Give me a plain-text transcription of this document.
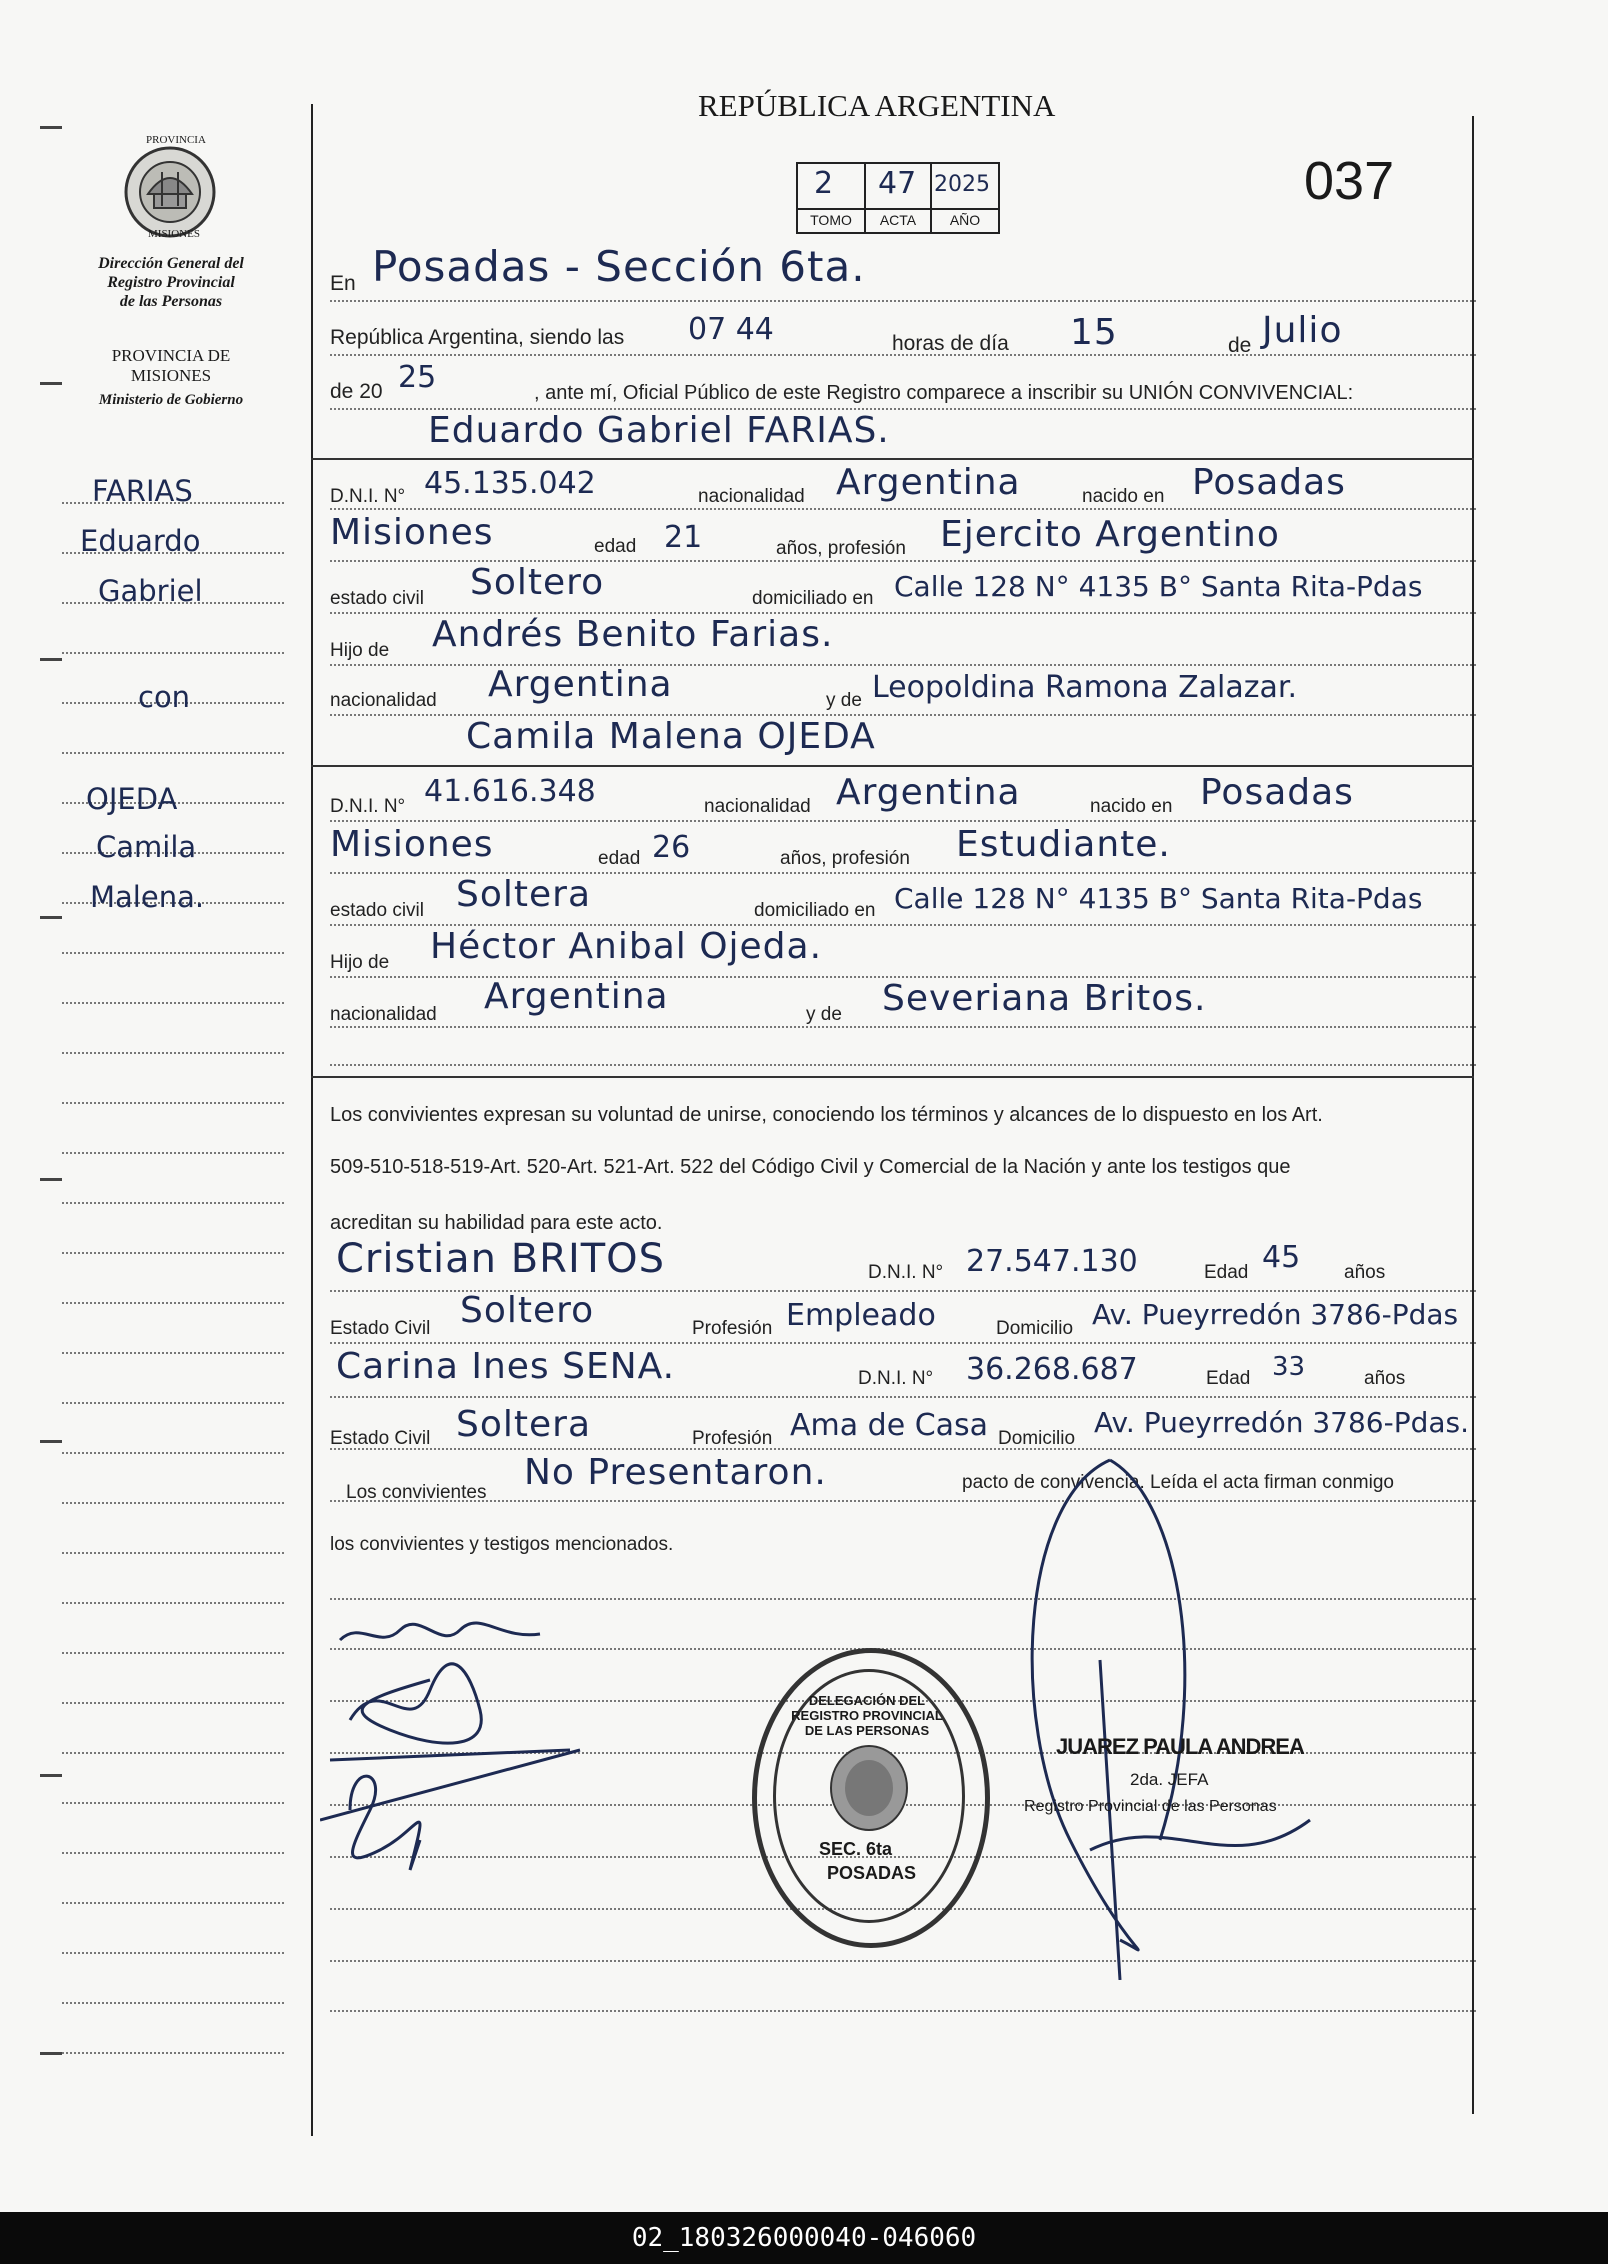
REPÚBLICA ARGENTINA
037
2 47 2025
TOMO	ACTA	AÑO
PROVINCIA
MISIONES
Dirección General del
Registro Provincial
de las Personas
PROVINCIA DE
MISIONES
Ministerio de Gobierno
FARIAS
Eduardo
Gabriel
con
OJEDA
Camila
Malena.
En Posadas - Sección 6ta.
República Argentina, siendo las 07 44	horas de día 15	de Julio
de 20 25	, ante mí, Oficial Público de este Registro comparece a inscribir su UNIÓN CONVIVENCIAL:
Eduardo Gabriel FARIAS.
D.N.I. N° 45.135.042	nacionalidad Argentina	nacido en Posadas
Misiones	edad 21	años, profesión Ejercito Argentino
estado civil Soltero	domiciliado en Calle 128 N° 4135 B° Santa Rita-Pdas
Hijo de Andrés Benito Farias.
nacionalidad Argentina	y de Leopoldina Ramona Zalazar.
Camila Malena OJEDA
D.N.I. N° 41.616.348	nacionalidad Argentina	nacido en Posadas
Misiones	edad 26	años, profesión Estudiante.
estado civil Soltera	domiciliado en Calle 128 N° 4135 B° Santa Rita-Pdas
Hijo de Héctor Anibal Ojeda.
nacionalidad Argentina	y de Severiana Britos.
Los convivientes expresan su voluntad de unirse, conociendo los términos y alcances de lo dispuesto en los Art.
509-510-518-519-Art. 520-Art. 521-Art. 522 del Código Civil y Comercial de la Nación y ante los testigos que
acreditan su habilidad para este acto.
Cristian BRITOS	D.N.I. N° 27.547.130	Edad 45 años
Estado Civil Soltero	Profesión Empleado	Domicilio Av. Pueyrredón 3786-Pdas
Carina Ines SENA.	D.N.I. N° 36.268.687	Edad 33	años
Estado Civil Soltera	Profesión Ama de Casa Domicilio Av. Pueyrredón 3786-Pdas.
Los convivientes No Presentaron.	pacto de convivencia. Leída el acta firman conmigo
los convivientes y testigos mencionados.
DELEGACIÓN DEL REGISTRO PROVINCIAL DE LAS PERSONAS
SEC. 6ta
POSADAS
JUAREZ PAULA ANDREA
2da. JEFA
Registro Provincial de las Personas
02_180326000040-046060
